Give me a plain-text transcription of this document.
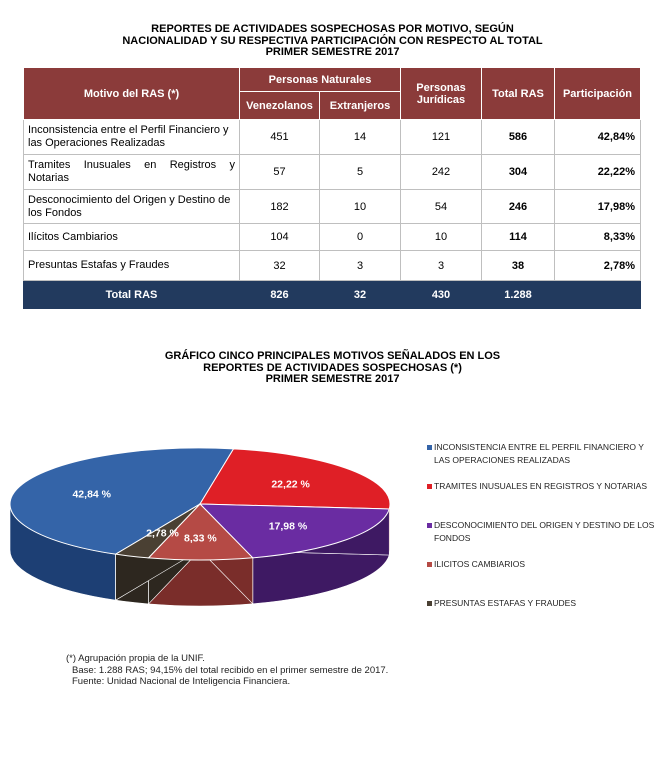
REPORTES DE ACTIVIDADES SOSPECHOSAS POR MOTIVO, SEGÚN
NACIONALIDAD Y SU RESPECTIVA PARTICIPACIÓN CON RESPECTO AL TOTAL
PRIMER SEMESTRE 2017
Motivo del RAS (*)	Personas Naturales		Personas Jurídicas	Total RAS	Participación
	Venezolanos	Extranjeros			
Inconsistencia entre el Perfil Financiero y las Operaciones Realizadas	451	14	121	586	42,84%
Tramites Inusuales en Registros y Notarias	57	5	242	304	22,22%
Desconocimiento del Origen y Destino de los Fondos	182	10	54	246	17,98%
Ilícitos Cambiarios	104	0	10	114	8,33%
Presuntas Estafas y Fraudes	32	3	3	38	2,78%
Total RAS	826	32	430	1.288	
GRÁFICO CINCO PRINCIPALES MOTIVOS SEÑALADOS EN LOS
REPORTES DE ACTIVIDADES SOSPECHOSAS (*)
PRIMER SEMESTRE 2017
42,84 %
22,22 %
17,98 %
8,33 %
2,78 %
INCONSISTENCIA ENTRE EL PERFIL FINANCIERO Y LAS OPERACIONES REALIZADAS
TRAMITES INUSUALES EN REGISTROS Y NOTARIAS
DESCONOCIMIENTO DEL ORIGEN Y DESTINO DE LOS FONDOS
ILICITOS CAMBIARIOS
PRESUNTAS ESTAFAS Y FRAUDES
(*) Agrupación propia de la UNIF.
Base: 1.288 RAS; 94,15% del total recibido en el primer semestre de 2017.
Fuente: Unidad Nacional de Inteligencia Financiera.
